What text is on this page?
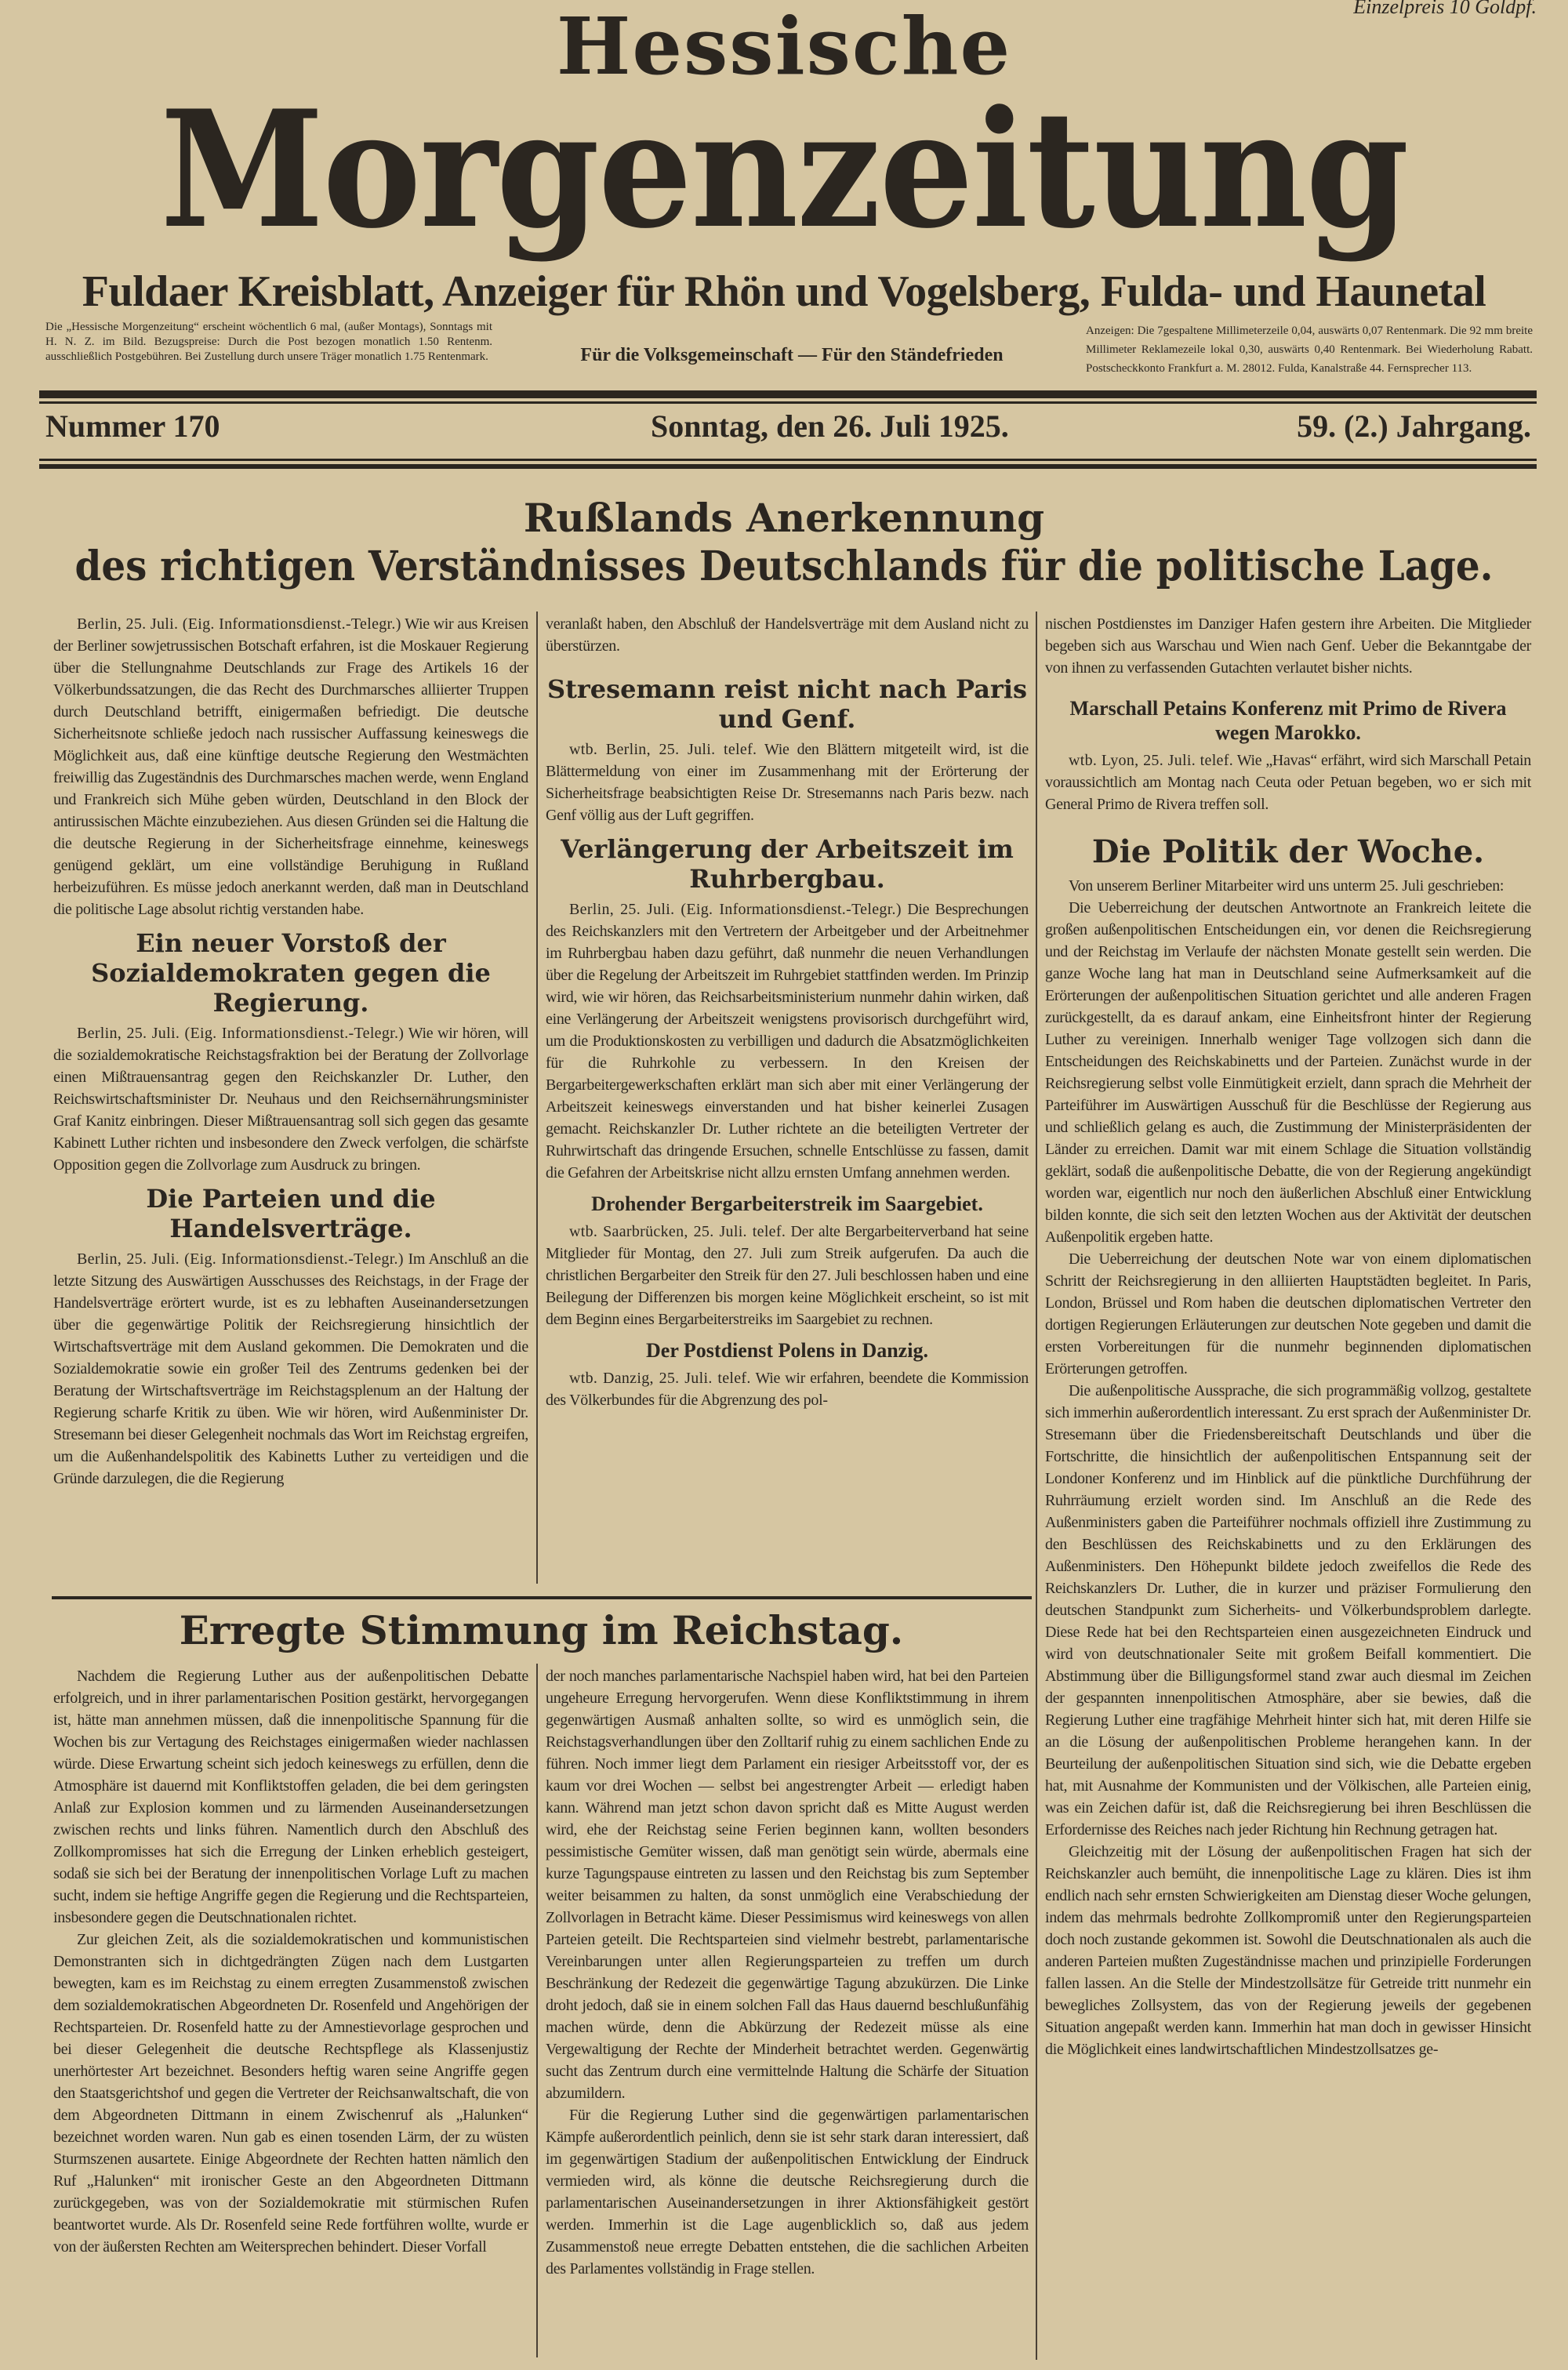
Einzelpreis 10 Goldpf.
Hessische
Morgenzeitung
Fuldaer Kreisblatt, Anzeiger für Rhön und Vogelsberg, Fulda- und Haunetal
Die „Hessische Morgenzeitung“ erscheint wöchentlich 6 mal, (außer Montags), Sonntags mit H. N. Z. im Bild. Bezugspreise: Durch die Post bezogen monatlich 1.50 Rentenm. ausschließlich Postgebühren. Bei Zustellung durch unsere Träger monatlich 1.75 Rentenmark.	Für die Volksgemeinschaft — Für den Ständefrieden
Anzeigen: Die 7gespaltene Millimeterzeile 0,04, auswärts 0,07 Rentenmark. Die 92 mm breite Millimeter Reklamezeile lokal 0,30, auswärts 0,40 Rentenmark. Bei Wiederholung Rabatt. Postscheckkonto Frankfurt a. M. 28012. Fulda, Kanalstraße 44. Fernsprecher 113.
Nummer 170	Sonntag, den 26. Juli 1925.	59. (2.) Jahrgang.
Rußlands Anerkennung
des richtigen Verständnisses Deutschlands für die politische Lage.

Berlin, 25. Juli. (Eig. Informationsdienst.-Telegr.) Wie wir aus Kreisen der Berliner sowjetrussischen Botschaft erfahren, ist die Moskauer Regierung über die Stellungnahme Deutschlands zur Frage des Artikels 16 der Völkerbundssatzungen, die das Recht des Durchmarsches alliierter Truppen durch Deutschland betrifft, einigermaßen befriedigt. Die deutsche Sicherheitsnote schließe jedoch nach russischer Auffassung keineswegs die Möglichkeit aus, daß eine künftige deutsche Regierung den Westmächten freiwillig das Zugeständnis des Durchmarsches machen werde, wenn England und Frankreich sich Mühe geben würden, Deutschland in den Block der antirussischen Mächte einzubeziehen. Aus diesen Gründen sei die Haltung die die deutsche Regierung in der Sicherheitsfrage einnehme, keineswegs genügend geklärt, um eine vollständige Beruhigung in Rußland herbeizuführen. Es müsse jedoch anerkannt werden, daß man in Deutschland die politische Lage absolut richtig verstanden habe.

Ein neuer Vorstoß der Sozialdemokraten gegen die Regierung.

Berlin, 25. Juli. (Eig. Informationsdienst.-Telegr.) Wie wir hören, will die sozialdemokratische Reichstagsfraktion bei der Beratung der Zollvorlage einen Mißtrauensantrag gegen den Reichskanzler Dr. Luther, den Reichswirtschaftsminister Dr. Neuhaus und den Reichsernährungsminister Graf Kanitz einbringen. Dieser Mißtrauensantrag soll sich gegen das gesamte Kabinett Luther richten und insbesondere den Zweck verfolgen, die schärfste Opposition gegen die Zollvorlage zum Ausdruck zu bringen.

Die Parteien und die Handelsverträge.

Berlin, 25. Juli. (Eig. Informationsdienst.-Telegr.) Im Anschluß an die letzte Sitzung des Auswärtigen Ausschusses des Reichstags, in der Frage der Handelsverträge erörtert wurde, ist es zu lebhaften Auseinandersetzungen über die gegenwärtige Politik der Reichsregierung hinsichtlich der Wirtschaftsverträge mit dem Ausland gekommen. Die Demokraten und die Sozialdemokratie sowie ein großer Teil des Zentrums gedenken bei der Beratung der Wirtschaftsverträge im Reichstagsplenum an der Haltung der Regierung scharfe Kritik zu üben. Wie wir hören, wird Außenminister Dr. Stresemann bei dieser Gelegenheit nochmals das Wort im Reichstag ergreifen, um die Außenhandelspolitik des Kabinetts Luther zu verteidigen und die Gründe darzulegen, die die Regierung

veranlaßt haben, den Abschluß der Handelsverträge mit dem Ausland nicht zu überstürzen.

Stresemann reist nicht nach Paris und Genf.

wtb. Berlin, 25. Juli. telef. Wie den Blättern mitgeteilt wird, ist die Blättermeldung von einer im Zusammenhang mit der Erörterung der Sicherheitsfrage beabsichtigten Reise Dr. Stresemanns nach Paris bezw. nach Genf völlig aus der Luft gegriffen.

Verlängerung der Arbeitszeit im Ruhrbergbau.

Berlin, 25. Juli. (Eig. Informationsdienst.-Telegr.) Die Besprechungen des Reichskanzlers mit den Vertretern der Arbeitgeber und der Arbeitnehmer im Ruhrbergbau haben dazu geführt, daß nunmehr die neuen Verhandlungen über die Regelung der Arbeitszeit im Ruhrgebiet stattfinden werden. Im Prinzip wird, wie wir hören, das Reichsarbeitsministerium nunmehr dahin wirken, daß eine Verlängerung der Arbeitszeit wenigstens provisorisch durchgeführt wird, um die Produktionskosten zu verbilligen und dadurch die Absatzmöglichkeiten für die Ruhrkohle zu verbessern. In den Kreisen der Bergarbeitergewerkschaften erklärt man sich aber mit einer Verlängerung der Arbeitszeit keineswegs einverstanden und hat bisher keinerlei Zusagen gemacht. Reichskanzler Dr. Luther richtete an die beteiligten Vertreter der Ruhrwirtschaft das dringende Ersuchen, schnelle Entschlüsse zu fassen, damit die Gefahren der Arbeitskrise nicht allzu ernsten Umfang annehmen werden.

Drohender Bergarbeiterstreik im Saargebiet.

wtb. Saarbrücken, 25. Juli. telef. Der alte Bergarbeiterverband hat seine Mitglieder für Montag, den 27. Juli zum Streik aufgerufen. Da auch die christlichen Bergarbeiter den Streik für den 27. Juli beschlossen haben und eine Beilegung der Differenzen bis morgen keine Möglichkeit erscheint, so ist mit dem Beginn eines Bergarbeiterstreiks im Saargebiet zu rechnen.

Der Postdienst Polens in Danzig.

wtb. Danzig, 25. Juli. telef. Wie wir erfahren, beendete die Kommission des Völkerbundes für die Abgrenzung des pol-

nischen Postdienstes im Danziger Hafen gestern ihre Arbeiten. Die Mitglieder begeben sich aus Warschau und Wien nach Genf. Ueber die Bekanntgabe der von ihnen zu verfassenden Gutachten verlautet bisher nichts.

Marschall Petains Konferenz mit Primo de Rivera wegen Marokko.

wtb. Lyon, 25. Juli. telef. Wie „Havas“ erfährt, wird sich Marschall Petain voraussichtlich am Montag nach Ceuta oder Petuan begeben, wo er sich mit General Primo de Rivera treffen soll.

Die Politik der Woche.

Von unserem Berliner Mitarbeiter wird uns unterm 25. Juli geschrieben:

Die Ueberreichung der deutschen Antwortnote an Frankreich leitete die großen außenpolitischen Entscheidungen ein, vor denen die Reichsregierung und der Reichstag im Verlaufe der nächsten Monate gestellt sein werden. Die ganze Woche lang hat man in Deutschland seine Aufmerksamkeit auf die Erörterungen der außenpolitischen Situation gerichtet und alle anderen Fragen zurückgestellt, da es darauf ankam, eine Einheitsfront hinter der Regierung Luther zu vereinigen. Innerhalb weniger Tage vollzogen sich dann die Entscheidungen des Reichskabinetts und der Parteien. Zunächst wurde in der Reichsregierung selbst volle Einmütigkeit erzielt, dann sprach die Mehrheit der Parteiführer im Auswärtigen Ausschuß für die Beschlüsse der Regierung aus und schließlich gelang es auch, die Zustimmung der Ministerpräsidenten der Länder zu erreichen. Damit war mit einem Schlage die Situation vollständig geklärt, sodaß die außenpolitische Debatte, die von der Regierung angekündigt worden war, eigentlich nur noch den äußerlichen Abschluß einer Entwicklung bilden konnte, die sich seit den letzten Wochen aus der Aktivität der deutschen Außenpolitik ergeben hatte.

Die Ueberreichung der deutschen Note war von einem diplomatischen Schritt der Reichsregierung in den alliierten Hauptstädten begleitet. In Paris, London, Brüssel und Rom haben die deutschen diplomatischen Vertreter den dortigen Regierungen Erläuterungen zur deutschen Note gegeben und damit die ersten Vorbereitungen für die nunmehr beginnenden diplomatischen Erörterungen getroffen.

Die außenpolitische Aussprache, die sich programmäßig vollzog, gestaltete sich immerhin außerordentlich interessant. Zu erst sprach der Außenminister Dr. Stresemann über die Friedensbereitschaft Deutschlands und über die Fortschritte, die hinsichtlich der außenpolitischen Entspannung seit der Londoner Konferenz und im Hinblick auf die pünktliche Durchführung der Ruhrräumung erzielt worden sind. Im Anschluß an die Rede des Außenministers gaben die Parteiführer nochmals offiziell ihre Zustimmung zu den Beschlüssen des Reichskabinetts und zu den Erklärungen des Außenministers. Den Höhepunkt bildete jedoch zweifellos die Rede des Reichskanzlers Dr. Luther, die in kurzer und präziser Formulierung den deutschen Standpunkt zum Sicherheits- und Völkerbundsproblem darlegte. Diese Rede hat bei den Rechtsparteien einen ausgezeichneten Eindruck und wird von deutschnationaler Seite mit großem Beifall kommentiert. Die Abstimmung über die Billigungsformel stand zwar auch diesmal im Zeichen der gespannten innenpolitischen Atmosphäre, aber sie bewies, daß die Regierung Luther eine tragfähige Mehrheit hinter sich hat, mit deren Hilfe sie an die Lösung der außenpolitischen Probleme herangehen kann. In der Beurteilung der außenpolitischen Situation sind sich, wie die Debatte ergeben hat, mit Ausnahme der Kommunisten und der Völkischen, alle Parteien einig, was ein Zeichen dafür ist, daß die Reichsregierung bei ihren Beschlüssen die Erfordernisse des Reiches nach jeder Richtung hin Rechnung getragen hat.

Gleichzeitig mit der Lösung der außenpolitischen Fragen hat sich der Reichskanzler auch bemüht, die innenpolitische Lage zu klären. Dies ist ihm endlich nach sehr ernsten Schwierigkeiten am Dienstag dieser Woche gelungen, indem das mehrmals bedrohte Zollkompromiß unter den Regierungsparteien doch noch zustande gekommen ist. Sowohl die Deutschnationalen als auch die anderen Parteien mußten Zugeständnisse machen und prinzipielle Forderungen fallen lassen. An die Stelle der Mindestzollsätze für Getreide tritt nunmehr ein bewegliches Zollsystem, das von der Regierung jeweils der gegebenen Situation angepaßt werden kann. Immerhin hat man doch in gewisser Hinsicht die Möglichkeit eines landwirtschaftlichen Mindestzollsatzes ge-

Erregte Stimmung im Reichstag.

Nachdem die Regierung Luther aus der außenpolitischen Debatte erfolgreich, und in ihrer parlamentarischen Position gestärkt, hervorgegangen ist, hätte man annehmen müssen, daß die innenpolitische Spannung für die Wochen bis zur Vertagung des Reichstages einigermaßen wieder nachlassen würde. Diese Erwartung scheint sich jedoch keineswegs zu erfüllen, denn die Atmosphäre ist dauernd mit Konfliktstoffen geladen, die bei dem geringsten Anlaß zur Explosion kommen und zu lärmenden Auseinandersetzungen zwischen rechts und links führen. Namentlich durch den Abschluß des Zollkompromisses hat sich die Erregung der Linken erheblich gesteigert, sodaß sie sich bei der Beratung der innenpolitischen Vorlage Luft zu machen sucht, indem sie heftige Angriffe gegen die Regierung und die Rechtsparteien, insbesondere gegen die Deutschnationalen richtet.

Zur gleichen Zeit, als die sozialdemokratischen und kommunistischen Demonstranten sich in dichtgedrängten Zügen nach dem Lustgarten bewegten, kam es im Reichstag zu einem erregten Zusammenstoß zwischen dem sozialdemokratischen Abgeordneten Dr. Rosenfeld und Angehörigen der Rechtsparteien. Dr. Rosenfeld hatte zu der Amnestievorlage gesprochen und bei dieser Gelegenheit die deutsche Rechtspflege als Klassenjustiz unerhörtester Art bezeichnet. Besonders heftig waren seine Angriffe gegen den Staatsgerichtshof und gegen die Vertreter der Reichsanwaltschaft, die von dem Abgeordneten Dittmann in einem Zwischenruf als „Halunken“ bezeichnet worden waren. Nun gab es einen tosenden Lärm, der zu wüsten Sturmszenen ausartete. Einige Abgeordnete der Rechten hatten nämlich den Ruf „Halunken“ mit ironischer Geste an den Abgeordneten Dittmann zurückgegeben, was von der Sozialdemokratie mit stürmischen Rufen beantwortet wurde. Als Dr. Rosenfeld seine Rede fortführen wollte, wurde er von der äußersten Rechten am Weitersprechen behindert. Dieser Vorfall

der noch manches parlamentarische Nachspiel haben wird, hat bei den Parteien ungeheure Erregung hervorgerufen. Wenn diese Konfliktstimmung in ihrem gegenwärtigen Ausmaß anhalten sollte, so wird es unmöglich sein, die Reichstagsverhandlungen über den Zolltarif ruhig zu einem sachlichen Ende zu führen. Noch immer liegt dem Parlament ein riesiger Arbeitsstoff vor, der es kaum vor drei Wochen — selbst bei angestrengter Arbeit — erledigt haben kann. Während man jetzt schon davon spricht daß es Mitte August werden wird, ehe der Reichstag seine Ferien beginnen kann, wollten besonders pessimistische Gemüter wissen, daß man genötigt sein würde, abermals eine kurze Tagungspause eintreten zu lassen und den Reichstag bis zum September weiter beisammen zu halten, da sonst unmöglich eine Verabschiedung der Zollvorlagen in Betracht käme. Dieser Pessimismus wird keineswegs von allen Parteien geteilt. Die Rechtsparteien sind vielmehr bestrebt, parlamentarische Vereinbarungen unter allen Regierungsparteien zu treffen um durch Beschränkung der Redezeit die gegenwärtige Tagung abzukürzen. Die Linke droht jedoch, daß sie in einem solchen Fall das Haus dauernd beschlußunfähig machen würde, denn die Abkürzung der Redezeit müsse als eine Vergewaltigung der Rechte der Minderheit betrachtet werden. Gegenwärtig sucht das Zentrum durch eine vermittelnde Haltung die Schärfe der Situation abzumildern.

Für die Regierung Luther sind die gegenwärtigen parlamentarischen Kämpfe außerordentlich peinlich, denn sie ist sehr stark daran interessiert, daß im gegenwärtigen Stadium der außenpolitischen Entwicklung der Eindruck vermieden wird, als könne die deutsche Reichsregierung durch die parlamentarischen Auseinandersetzungen in ihrer Aktionsfähigkeit gestört werden. Immerhin ist die Lage augenblicklich so, daß aus jedem Zusammenstoß neue erregte Debatten entstehen, die die sachlichen Arbeiten des Parlamentes vollständig in Frage stellen.
